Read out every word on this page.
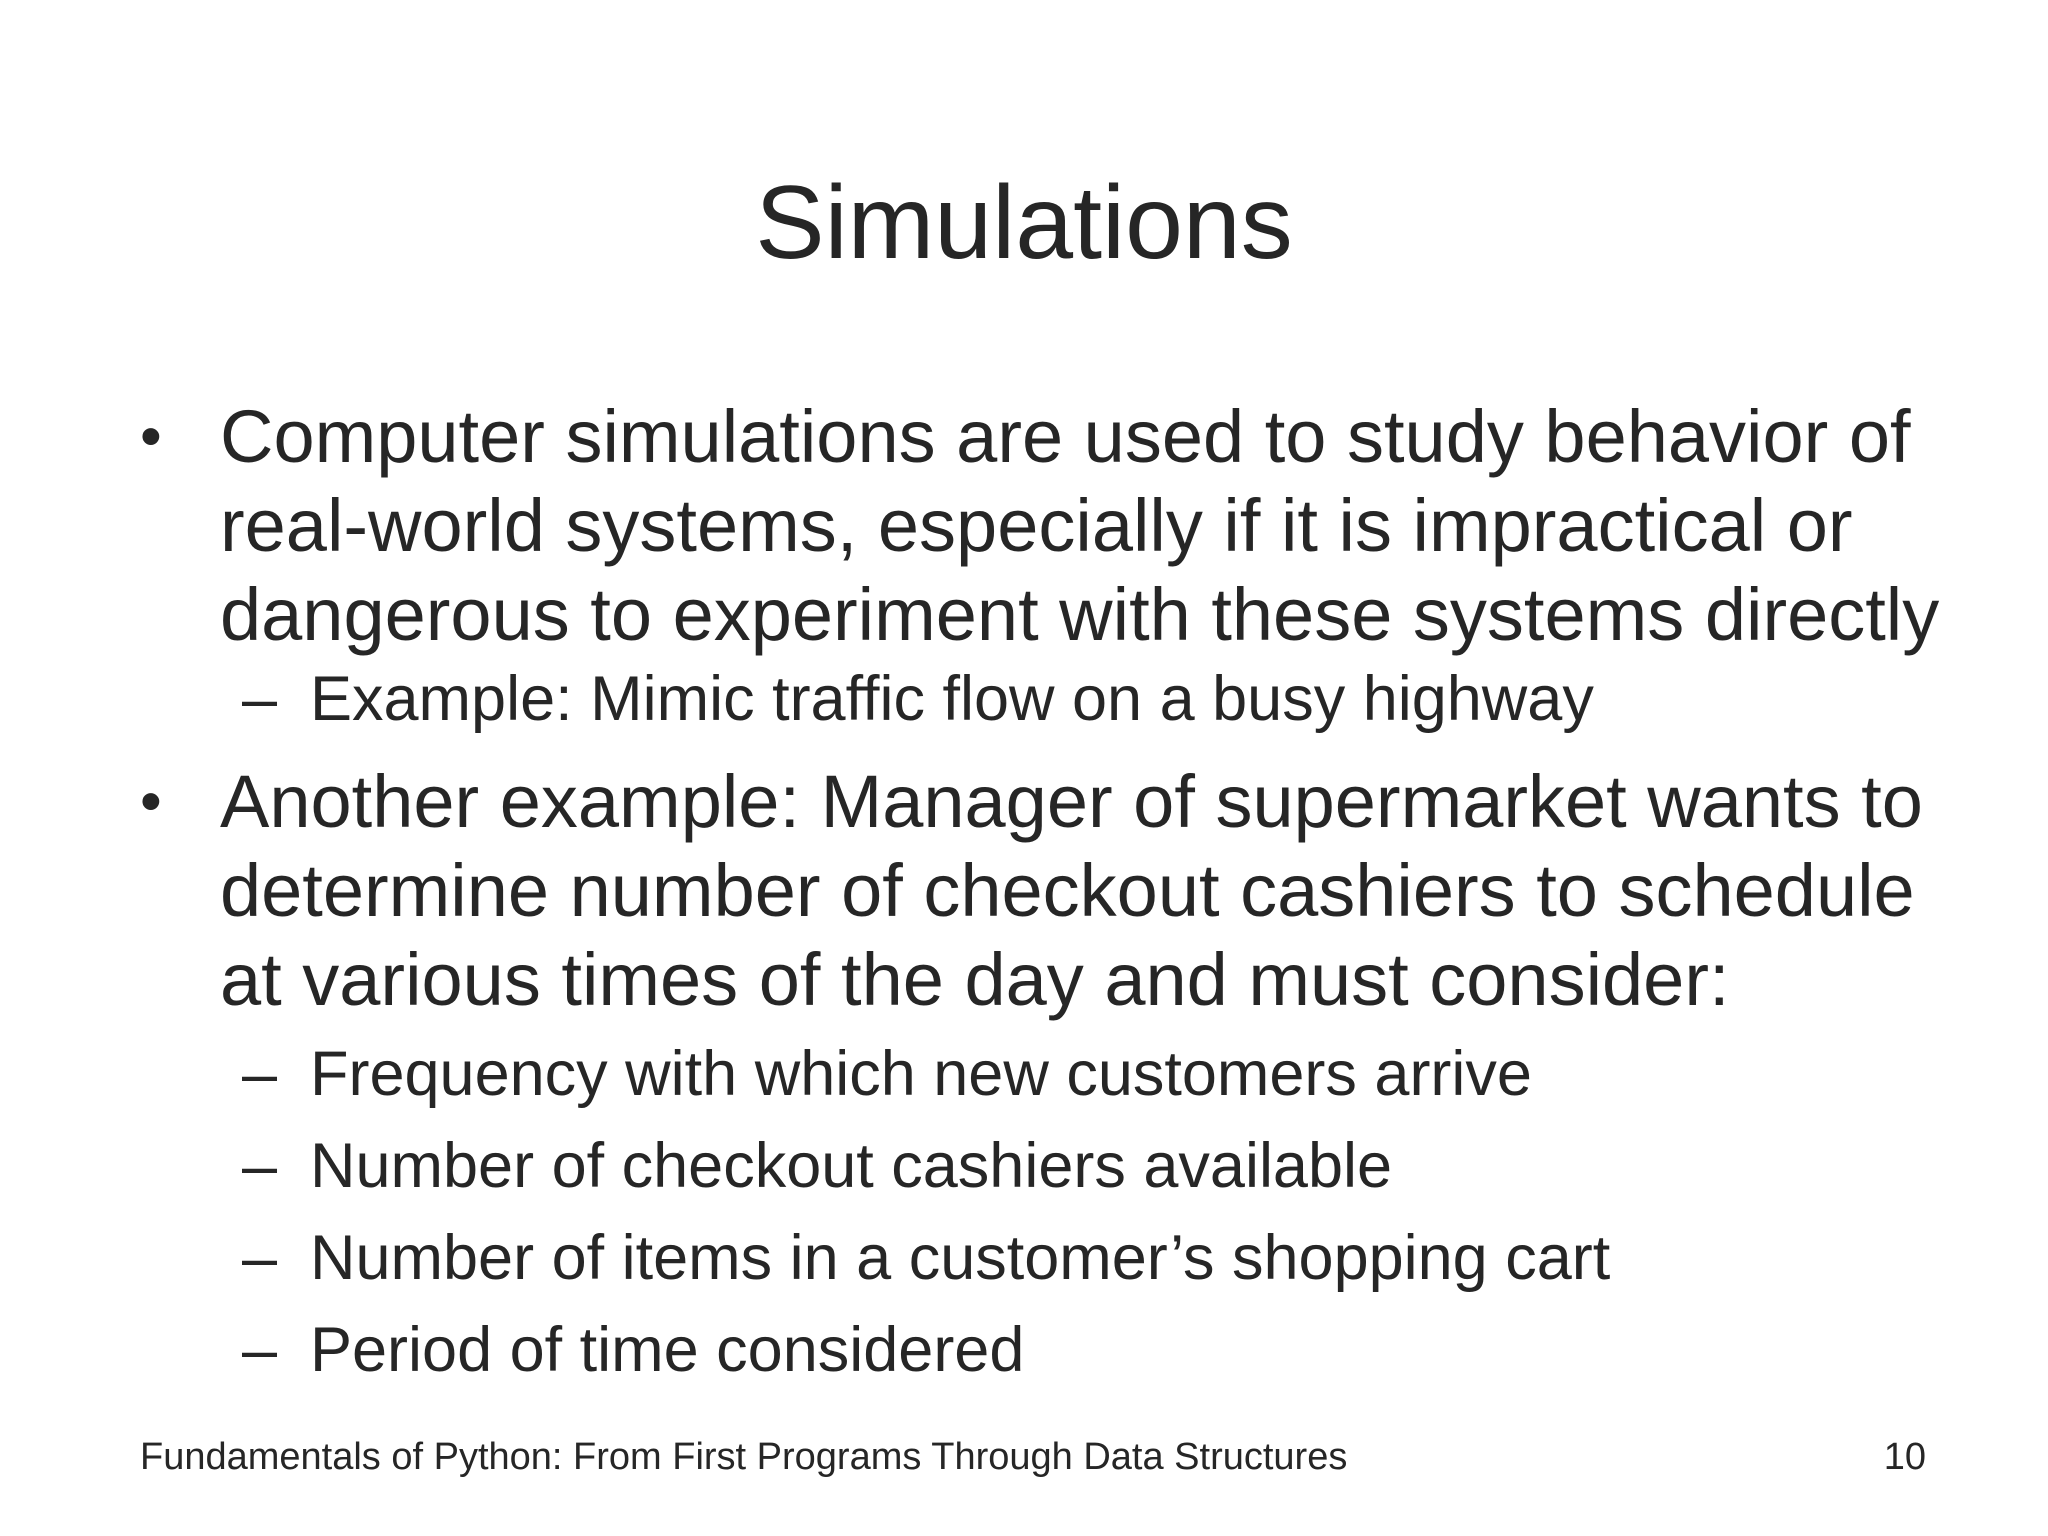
Simulations
• Computer simulations are used to study behavior of
real-world systems, especially if it is impractical or
dangerous to experiment with these systems directly
– Example: Mimic traffic flow on a busy highway
• Another example: Manager of supermarket wants to
determine number of checkout cashiers to schedule
at various times of the day and must consider:
– Frequency with which new customers arrive
– Number of checkout cashiers available
– Number of items in a customer’s shopping cart
– Period of time considered
Fundamentals of Python: From First Programs Through Data Structures	10
